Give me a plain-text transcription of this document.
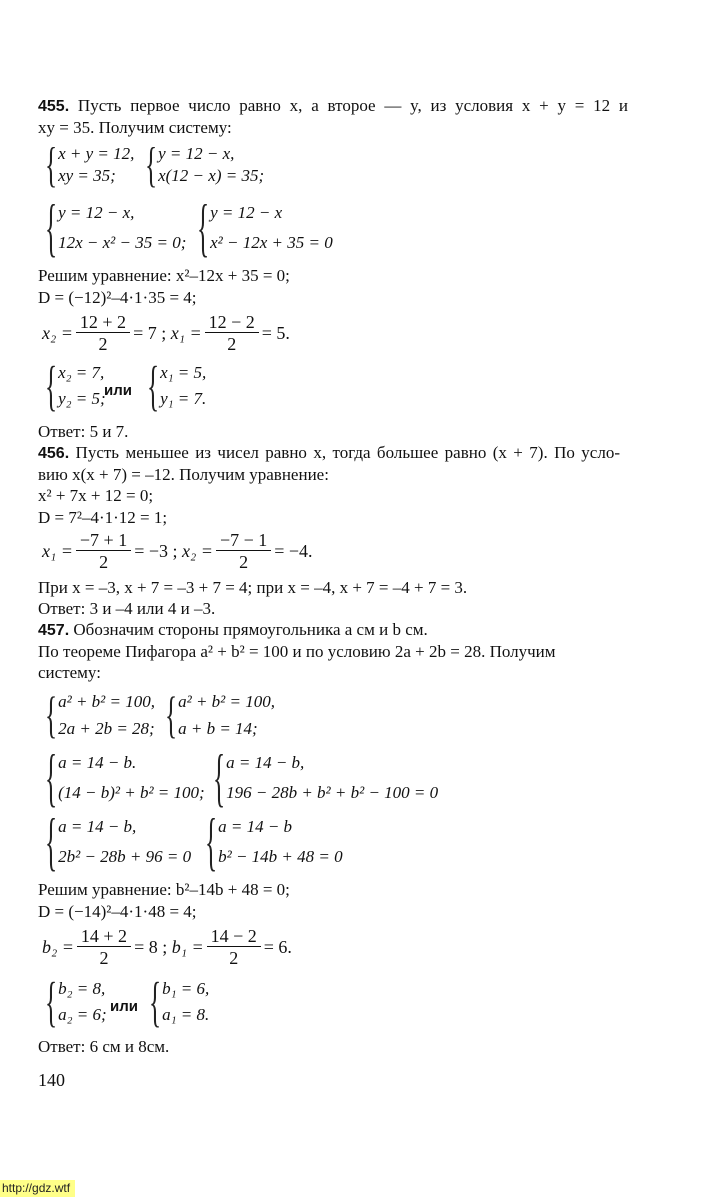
455. Пусть первое число равно x, а второе — y, из условия x + y = 12 и
xy = 35. Получим систему:
{ x + y = 12,
xy = 35; { y = 12 − x,
x(12 − x) = 35;
{ y = 12 − x,
12x − x² − 35 = 0; { y = 12 − x
x² − 12x + 35 = 0
Решим уравнение: x²–12x + 35 = 0;
D = (−12)²–4·1·35 = 4;
$x_2 = \frac{12 + 2}{2} = 7$ ;
$x_1 = \frac{12 - 2}{2} = 5$.
{ x₂ = 7,
y₂ = 5;
или { x₁ = 5,
y₁ = 7.
Ответ: 5 и 7.
456. Пусть меньшее из чисел равно x, тогда большее равно (x + 7). По усло-
вию x(x + 7) = –12. Получим уравнение:
x² + 7x + 12 = 0;
D = 7²–4·1·12 = 1;
$x_1 = \frac{-7 + 1}{2} = -3$ ;
$x_2 = \frac{-7 - 1}{2} = -4$.
При x = –3, x + 7 = –3 + 7 = 4; при x = –4, x + 7 = –4 + 7 = 3.
Ответ: 3 и –4 или 4 и –3.
457. Обозначим стороны прямоугольника a см и b см.
По теореме Пифагора a² + b² = 100 и по условию 2a + 2b = 28. Получим
систему:
{ a² + b² = 100,
2a + 2b = 28; { a² + b² = 100,
a + b = 14;
{ a = 14 − b.
(14 − b)² + b² = 100; { a = 14 − b,
196 − 28b + b² + b² − 100 = 0
{ a = 14 − b,
2b² − 28b + 96 = 0 { a = 14 − b
b² − 14b + 48 = 0
Решим уравнение: b²–14b + 48 = 0;
D = (−14)²–4·1·48 = 4;
$b_2 = \frac{14 + 2}{2} = 8$ ;
$b_1 = \frac{14 - 2}{2} = 6$.
{ b₂ = 8,
a₂ = 6; или { b₁ = 6,
a₁ = 8.
Ответ: 6 см и 8см.
140
http://gdz.wtf
